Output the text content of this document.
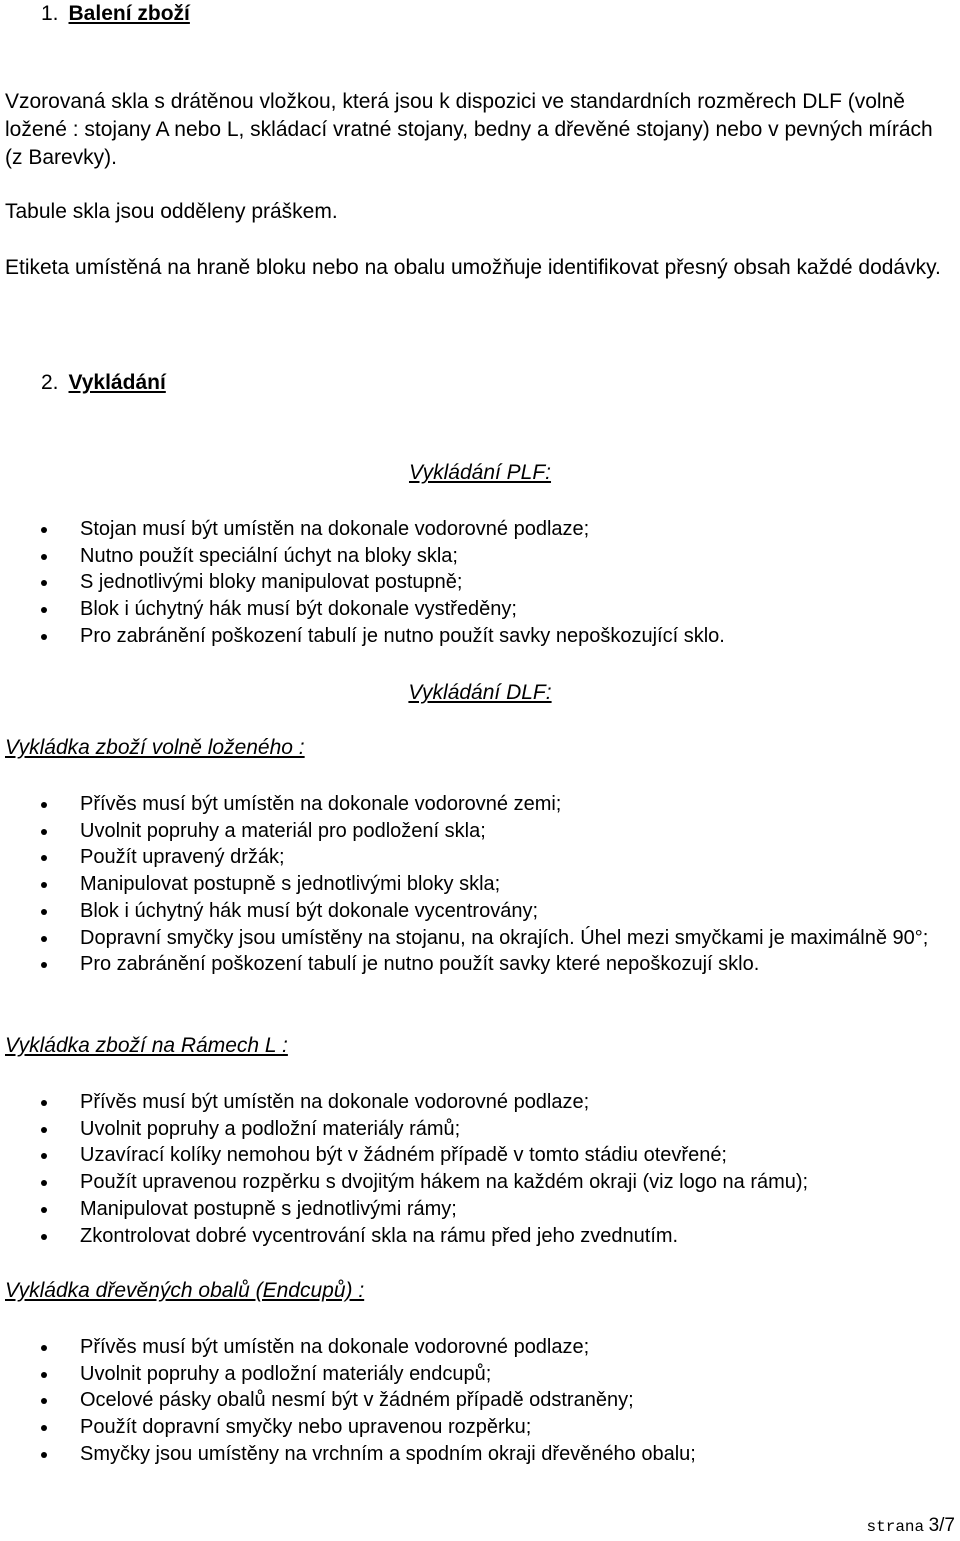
1. Balení zboží
Vzorovaná skla s drátěnou vložkou, která jsou k dispozici ve standardních rozměrech DLF (volně ložené : stojany A nebo L, skládací vratné stojany, bedny a dřevěné stojany) nebo v pevných mírách (z Barevky).
Tabule skla jsou odděleny práškem.
Etiketa umístěná na hraně bloku nebo na obalu umožňuje identifikovat přesný obsah každé dodávky.
2. Vykládání
Vykládání PLF:
Stojan musí být umístěn na dokonale vodorovné podlaze;
Nutno použít speciální úchyt na bloky skla;
S jednotlivými bloky manipulovat postupně;
Blok i úchytný hák musí být dokonale vystředěny;
Pro zabránění poškození tabulí je nutno použít savky nepoškozující sklo.
Vykládání DLF:
Vykládka zboží volně loženého :
Přívěs musí být umístěn na dokonale vodorovné zemi;
Uvolnit popruhy a materiál pro podložení skla;
Použít upravený držák;
Manipulovat postupně s jednotlivými bloky skla;
Blok i úchytný hák musí být dokonale vycentrovány;
Dopravní smyčky jsou umístěny na stojanu, na okrajích. Úhel mezi smyčkami je maximálně 90°;
Pro zabránění poškození tabulí je nutno použít savky které nepoškozují sklo.
Vykládka zboží na Rámech L :
Přívěs musí být umístěn na dokonale vodorovné podlaze;
Uvolnit popruhy a podložní materiály rámů;
Uzavírací kolíky nemohou být v žádném případě v tomto stádiu otevřené;
Použít upravenou rozpěrku s dvojitým hákem na každém okraji (viz logo na rámu);
Manipulovat postupně s jednotlivými rámy;
Zkontrolovat dobré vycentrování skla na rámu před jeho zvednutím.
Vykládka dřevěných obalů (Endcupů) :
Přívěs musí být umístěn na dokonale vodorovné podlaze;
Uvolnit popruhy a podložní materiály endcupů;
Ocelové pásky obalů nesmí být v žádném případě odstraněny;
Použít dopravní smyčky nebo upravenou rozpěrku;
Smyčky jsou umístěny na vrchním a spodním okraji dřevěného obalu;
strana 3/7
